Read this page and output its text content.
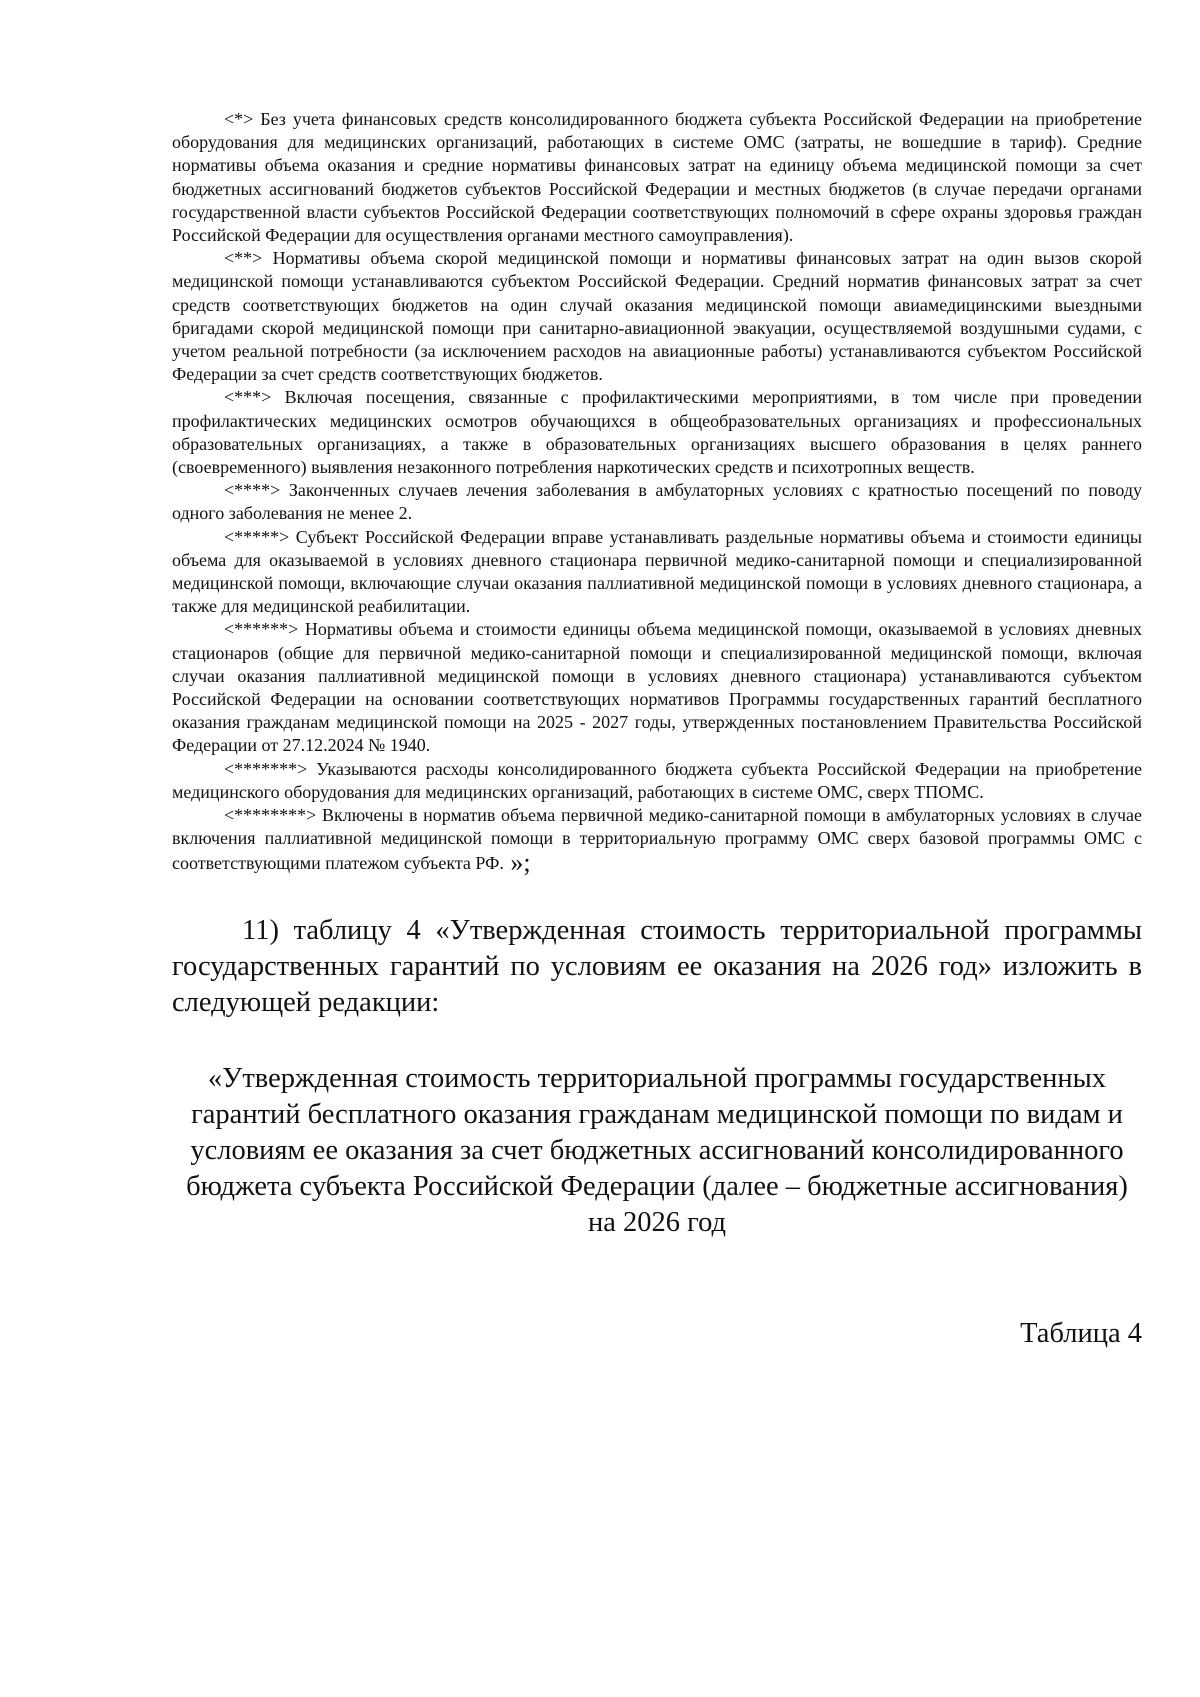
<*> Без учета финансовых средств консолидированного бюджета субъекта Российской Федерации на приобретение оборудования для медицинских организаций, работающих в системе ОМС (затраты, не вошедшие в тариф). Средние нормативы объема оказания и средние нормативы финансовых затрат на единицу объема медицинской помощи за счет бюджетных ассигнований бюджетов субъектов Российской Федерации и местных бюджетов (в случае передачи органами государственной власти субъектов Российской Федерации соответствующих полномочий в сфере охраны здоровья граждан Российской Федерации для осуществления органами местного самоуправления).

<**> Нормативы объема скорой медицинской помощи и нормативы финансовых затрат на один вызов скорой медицинской помощи устанавливаются субъектом Российской Федерации. Средний норматив финансовых затрат за счет средств соответствующих бюджетов на один случай оказания медицинской помощи авиамедицинскими выездными бригадами скорой медицинской помощи при санитарно-авиационной эвакуации, осуществляемой воздушными судами, с учетом реальной потребности (за исключением расходов на авиационные работы) устанавливаются субъектом Российской Федерации за счет средств соответствующих бюджетов.

<***> Включая посещения, связанные с профилактическими мероприятиями, в том числе при проведении профилактических медицинских осмотров обучающихся в общеобразовательных организациях и профессиональных образовательных организациях, а также в образовательных организациях высшего образования в целях раннего (своевременного) выявления незаконного потребления наркотических средств и психотропных веществ.

<****> Законченных случаев лечения заболевания в амбулаторных условиях с кратностью посещений по поводу одного заболевания не менее 2.

<*****> Субъект Российской Федерации вправе устанавливать раздельные нормативы объема и стоимости единицы объема для оказываемой в условиях дневного стационара первичной медико-санитарной помощи и специализированной медицинской помощи, включающие случаи оказания паллиативной медицинской помощи в условиях дневного стационара, а также для медицинской реабилитации.

<******> Нормативы объема и стоимости единицы объема медицинской помощи, оказываемой в условиях дневных стационаров (общие для первичной медико-санитарной помощи и специализированной медицинской помощи, включая случаи оказания паллиативной медицинской помощи в условиях дневного стационара) устанавливаются субъектом Российской Федерации на основании соответствующих нормативов Программы государственных гарантий бесплатного оказания гражданам медицинской помощи на 2025 - 2027 годы, утвержденных постановлением Правительства Российской Федерации от 27.12.2024 № 1940.

<*******> Указываются расходы консолидированного бюджета субъекта Российской Федерации на приобретение медицинского оборудования для медицинских организаций, работающих в системе ОМС, сверх ТПОМС.

<********> Включены в норматив объема первичной медико-санитарной помощи в амбулаторных условиях в случае включения паллиативной медицинской помощи в территориальную программу ОМС сверх базовой программы ОМС с соответствующими платежом субъекта РФ. »;

11) таблицу 4 «Утвержденная стоимость территориальной программы государственных гарантий по условиям ее оказания на 2026 год» изложить в следующей редакции:

«Утвержденная стоимость территориальной программы государственных
гарантий бесплатного оказания гражданам медицинской помощи по видам и
условиям ее оказания за счет бюджетных ассигнований консолидированного
бюджета субъекта Российской Федерации (далее – бюджетные ассигнования)
на 2026 год

Таблица 4
